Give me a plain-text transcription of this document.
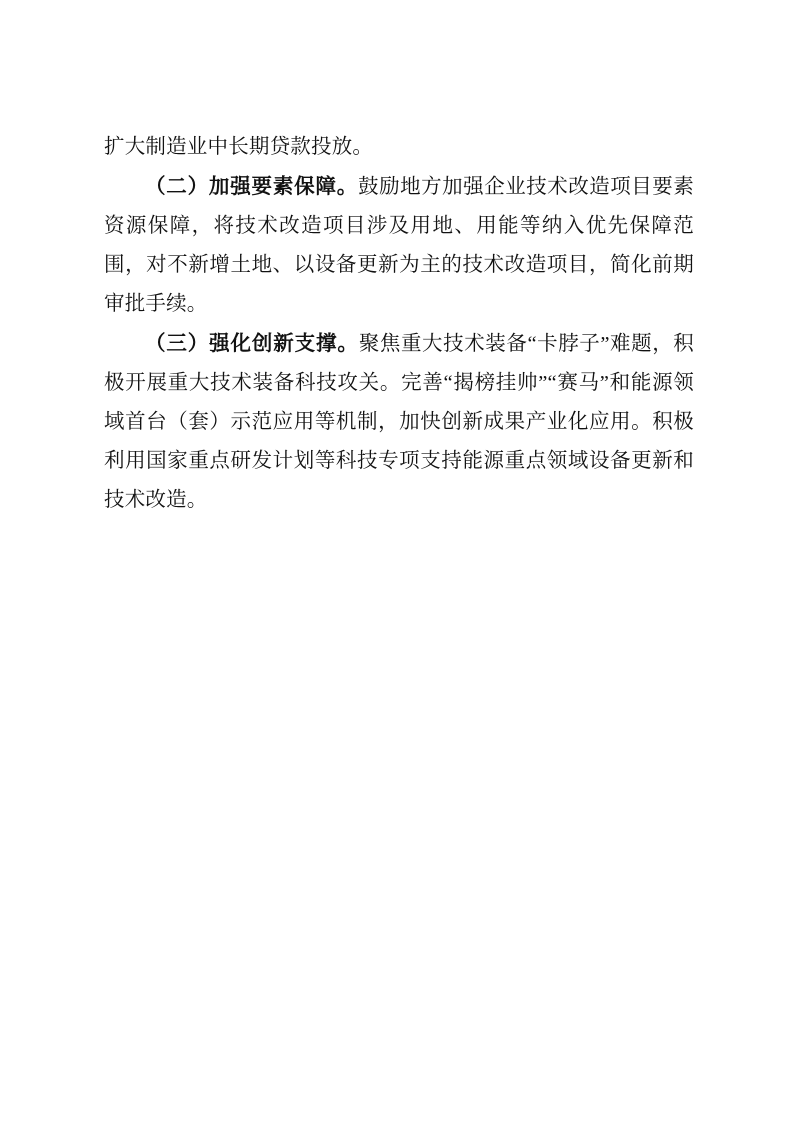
扩大制造业中长期贷款投放。

（二）加强要素保障。鼓励地方加强企业技术改造项目要素资源保障，将技术改造项目涉及用地、用能等纳入优先保障范围，对不新增土地、以设备更新为主的技术改造项目，简化前期审批手续。

（三）强化创新支撑。聚焦重大技术装备“卡脖子”难题，积极开展重大技术装备科技攻关。完善“揭榜挂帅”“赛马”和能源领域首台（套）示范应用等机制，加快创新成果产业化应用。积极利用国家重点研发计划等科技专项支持能源重点领域设备更新和技术改造。
